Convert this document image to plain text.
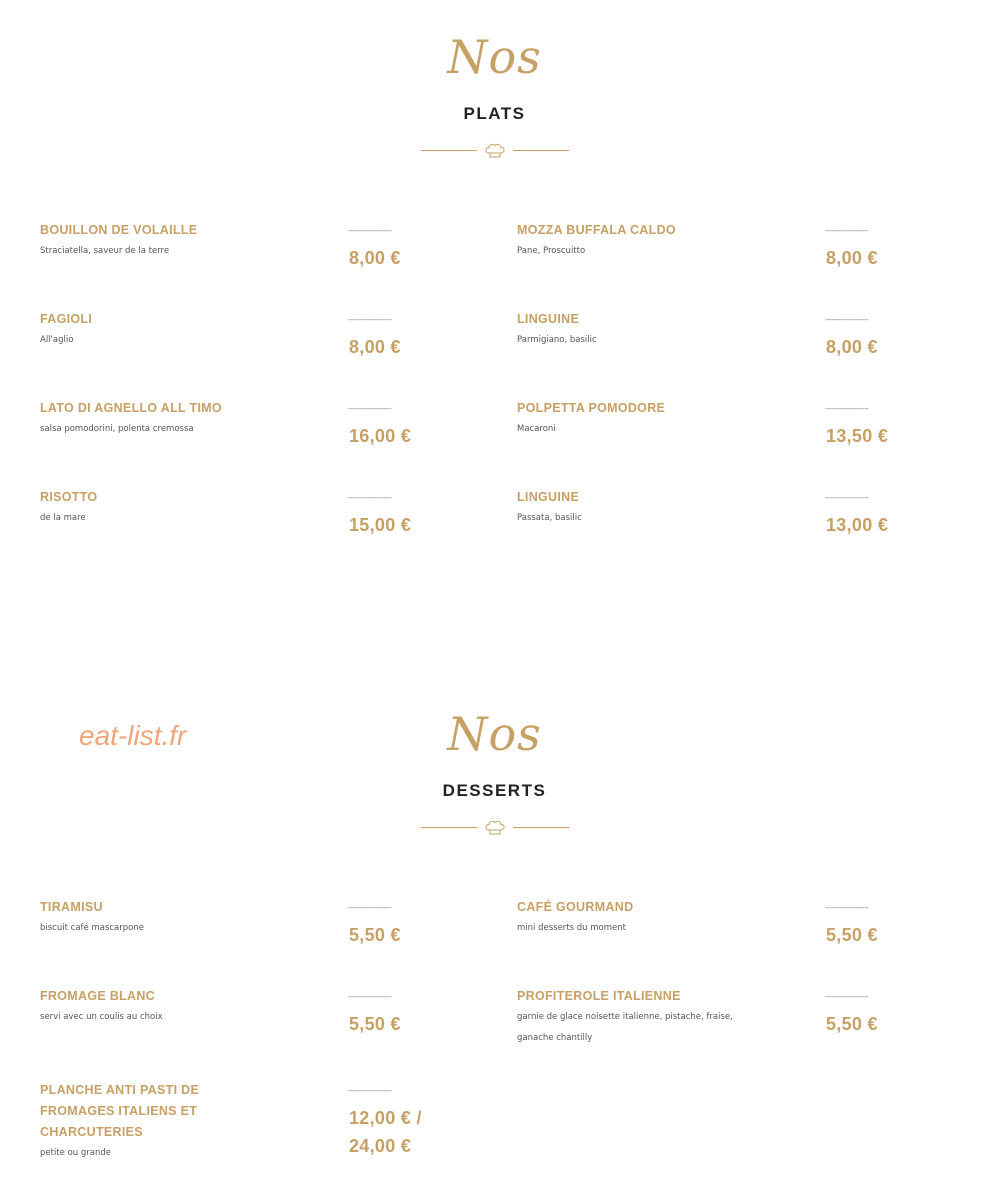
Nos
PLATS
BOUILLON DE VOLAILLE
Straciatella, saveur de la terre
--------------------
8,00 €
FAGIOLI
All'aglio
--------------------
8,00 €
LATO DI AGNELLO ALL TIMO
salsa pomodorini, polenta cremossa
--------------------
16,00 €
RISOTTO
de la mare
--------------------
15,00 €
MOZZA BUFFALA CALDO
Pane, Proscuitto
--------------------
8,00 €
LINGUINE
Parmigiano, basilic
--------------------
8,00 €
POLPETTA POMODORE
Macaroni
--------------------
13,50 €
LINGUINE
Passata, basilic
--------------------
13,00 €
eat-list.fr	Nos
DESSERTS
TIRAMISU
biscuit café mascarpone
--------------------
5,50 €
FROMAGE BLANC
servi avec un coulis au choix
--------------------
5,50 €
PLANCHE ANTI PASTI DE
FROMAGES ITALIENS ET
CHARCUTERIES
petite ou grande
--------------------
12,00 € /
24,00 €
CAFÉ GOURMAND
mini desserts du moment
--------------------
5,50 €
PROFITEROLE ITALIENNE
garnie de glace noisette italienne, pistache, fraise,
ganache chantilly
--------------------
5,50 €
